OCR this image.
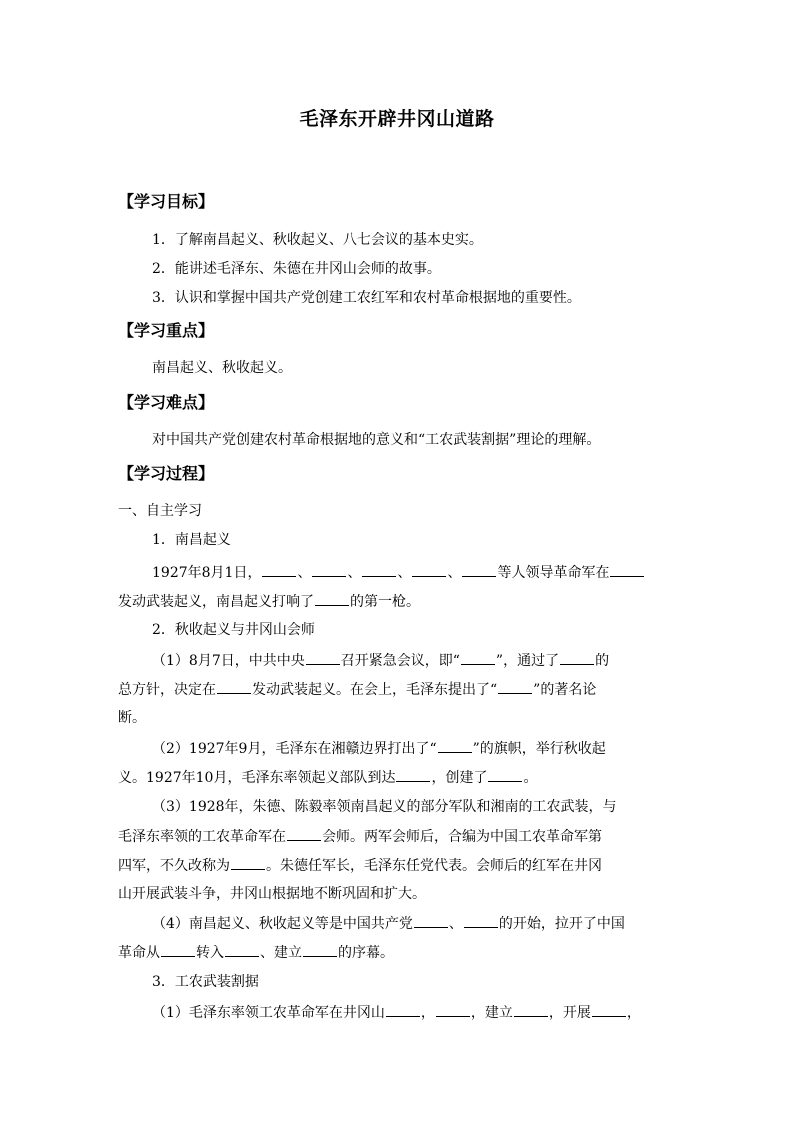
毛泽东开辟井冈山道路
【学习目标】
1．了解南昌起义、秋收起义、八七会议的基本史实。
2．能讲述毛泽东、朱德在井冈山会师的故事。
3．认识和掌握中国共产党创建工农红军和农村革命根据地的重要性。
【学习重点】
南昌起义、秋收起义。
【学习难点】
对中国共产党创建农村革命根据地的意义和“工农武装割据”理论的理解。
【学习过程】
一、自主学习
1．南昌起义
1927年8月1日，	、	、	、	、	等人领导革命军在
发动武装起义，南昌起义打响了	的第一枪。
2．秋收起义与井冈山会师
（1）8月7日，中共中央	召开紧急会议，即“	”，通过了	的
总方针，决定在	发动武装起义。在会上，毛泽东提出了“	”的著名论
断。
（2）1927年9月，毛泽东在湘赣边界打出了“	”的旗帜，举行秋收起
义。1927年10月，毛泽东率领起义部队到达	，创建了	。
（3）1928年，朱德、陈毅率领南昌起义的部分军队和湘南的工农武装，与
毛泽东率领的工农革命军在	会师。两军会师后，合编为中国工农革命军第
四军，不久改称为	。朱德任军长，毛泽东任党代表。会师后的红军在井冈
山开展武装斗争，井冈山根据地不断巩固和扩大。
（4）南昌起义、秋收起义等是中国共产党	、	的开始，拉开了中国
革命从	转入	、建立	的序幕。
3．工农武装割据
（1）毛泽东率领工农革命军在井冈山	，	，建立	，开展	，
